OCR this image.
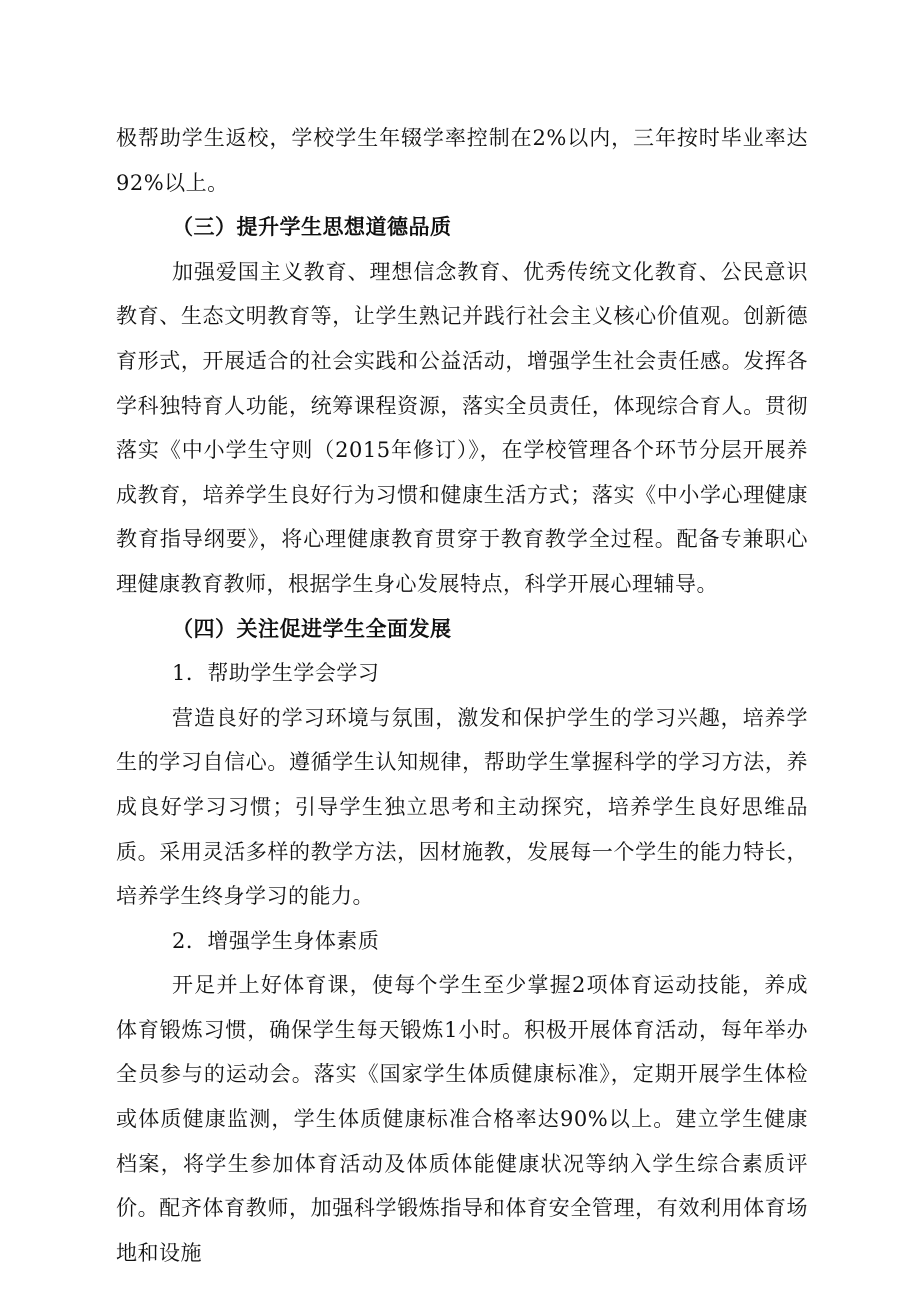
极帮助学生返校，学校学生年辍学率控制在2%以内，三年按时毕业率达92%以上。

（三）提升学生思想道德品质

加强爱国主义教育、理想信念教育、优秀传统文化教育、公民意识教育、生态文明教育等，让学生熟记并践行社会主义核心价值观。创新德育形式，开展适合的社会实践和公益活动，增强学生社会责任感。发挥各学科独特育人功能，统筹课程资源，落实全员责任，体现综合育人。贯彻落实《中小学生守则（2015年修订）》，在学校管理各个环节分层开展养成教育，培养学生良好行为习惯和健康生活方式；落实《中小学心理健康教育指导纲要》，将心理健康教育贯穿于教育教学全过程。配备专兼职心理健康教育教师，根据学生身心发展特点，科学开展心理辅导。

（四）关注促进学生全面发展

1．帮助学生学会学习

营造良好的学习环境与氛围，激发和保护学生的学习兴趣，培养学生的学习自信心。遵循学生认知规律，帮助学生掌握科学的学习方法，养成良好学习习惯；引导学生独立思考和主动探究，培养学生良好思维品质。采用灵活多样的教学方法，因材施教，发展每一个学生的能力特长，培养学生终身学习的能力。

2．增强学生身体素质

开足并上好体育课，使每个学生至少掌握2项体育运动技能，养成体育锻炼习惯，确保学生每天锻炼1小时。积极开展体育活动，每年举办全员参与的运动会。落实《国家学生体质健康标准》，定期开展学生体检或体质健康监测，学生体质健康标准合格率达90%以上。建立学生健康档案，将学生参加体育活动及体质体能健康状况等纳入学生综合素质评价。配齐体育教师，加强科学锻炼指导和体育安全管理，有效利用体育场地和设施
